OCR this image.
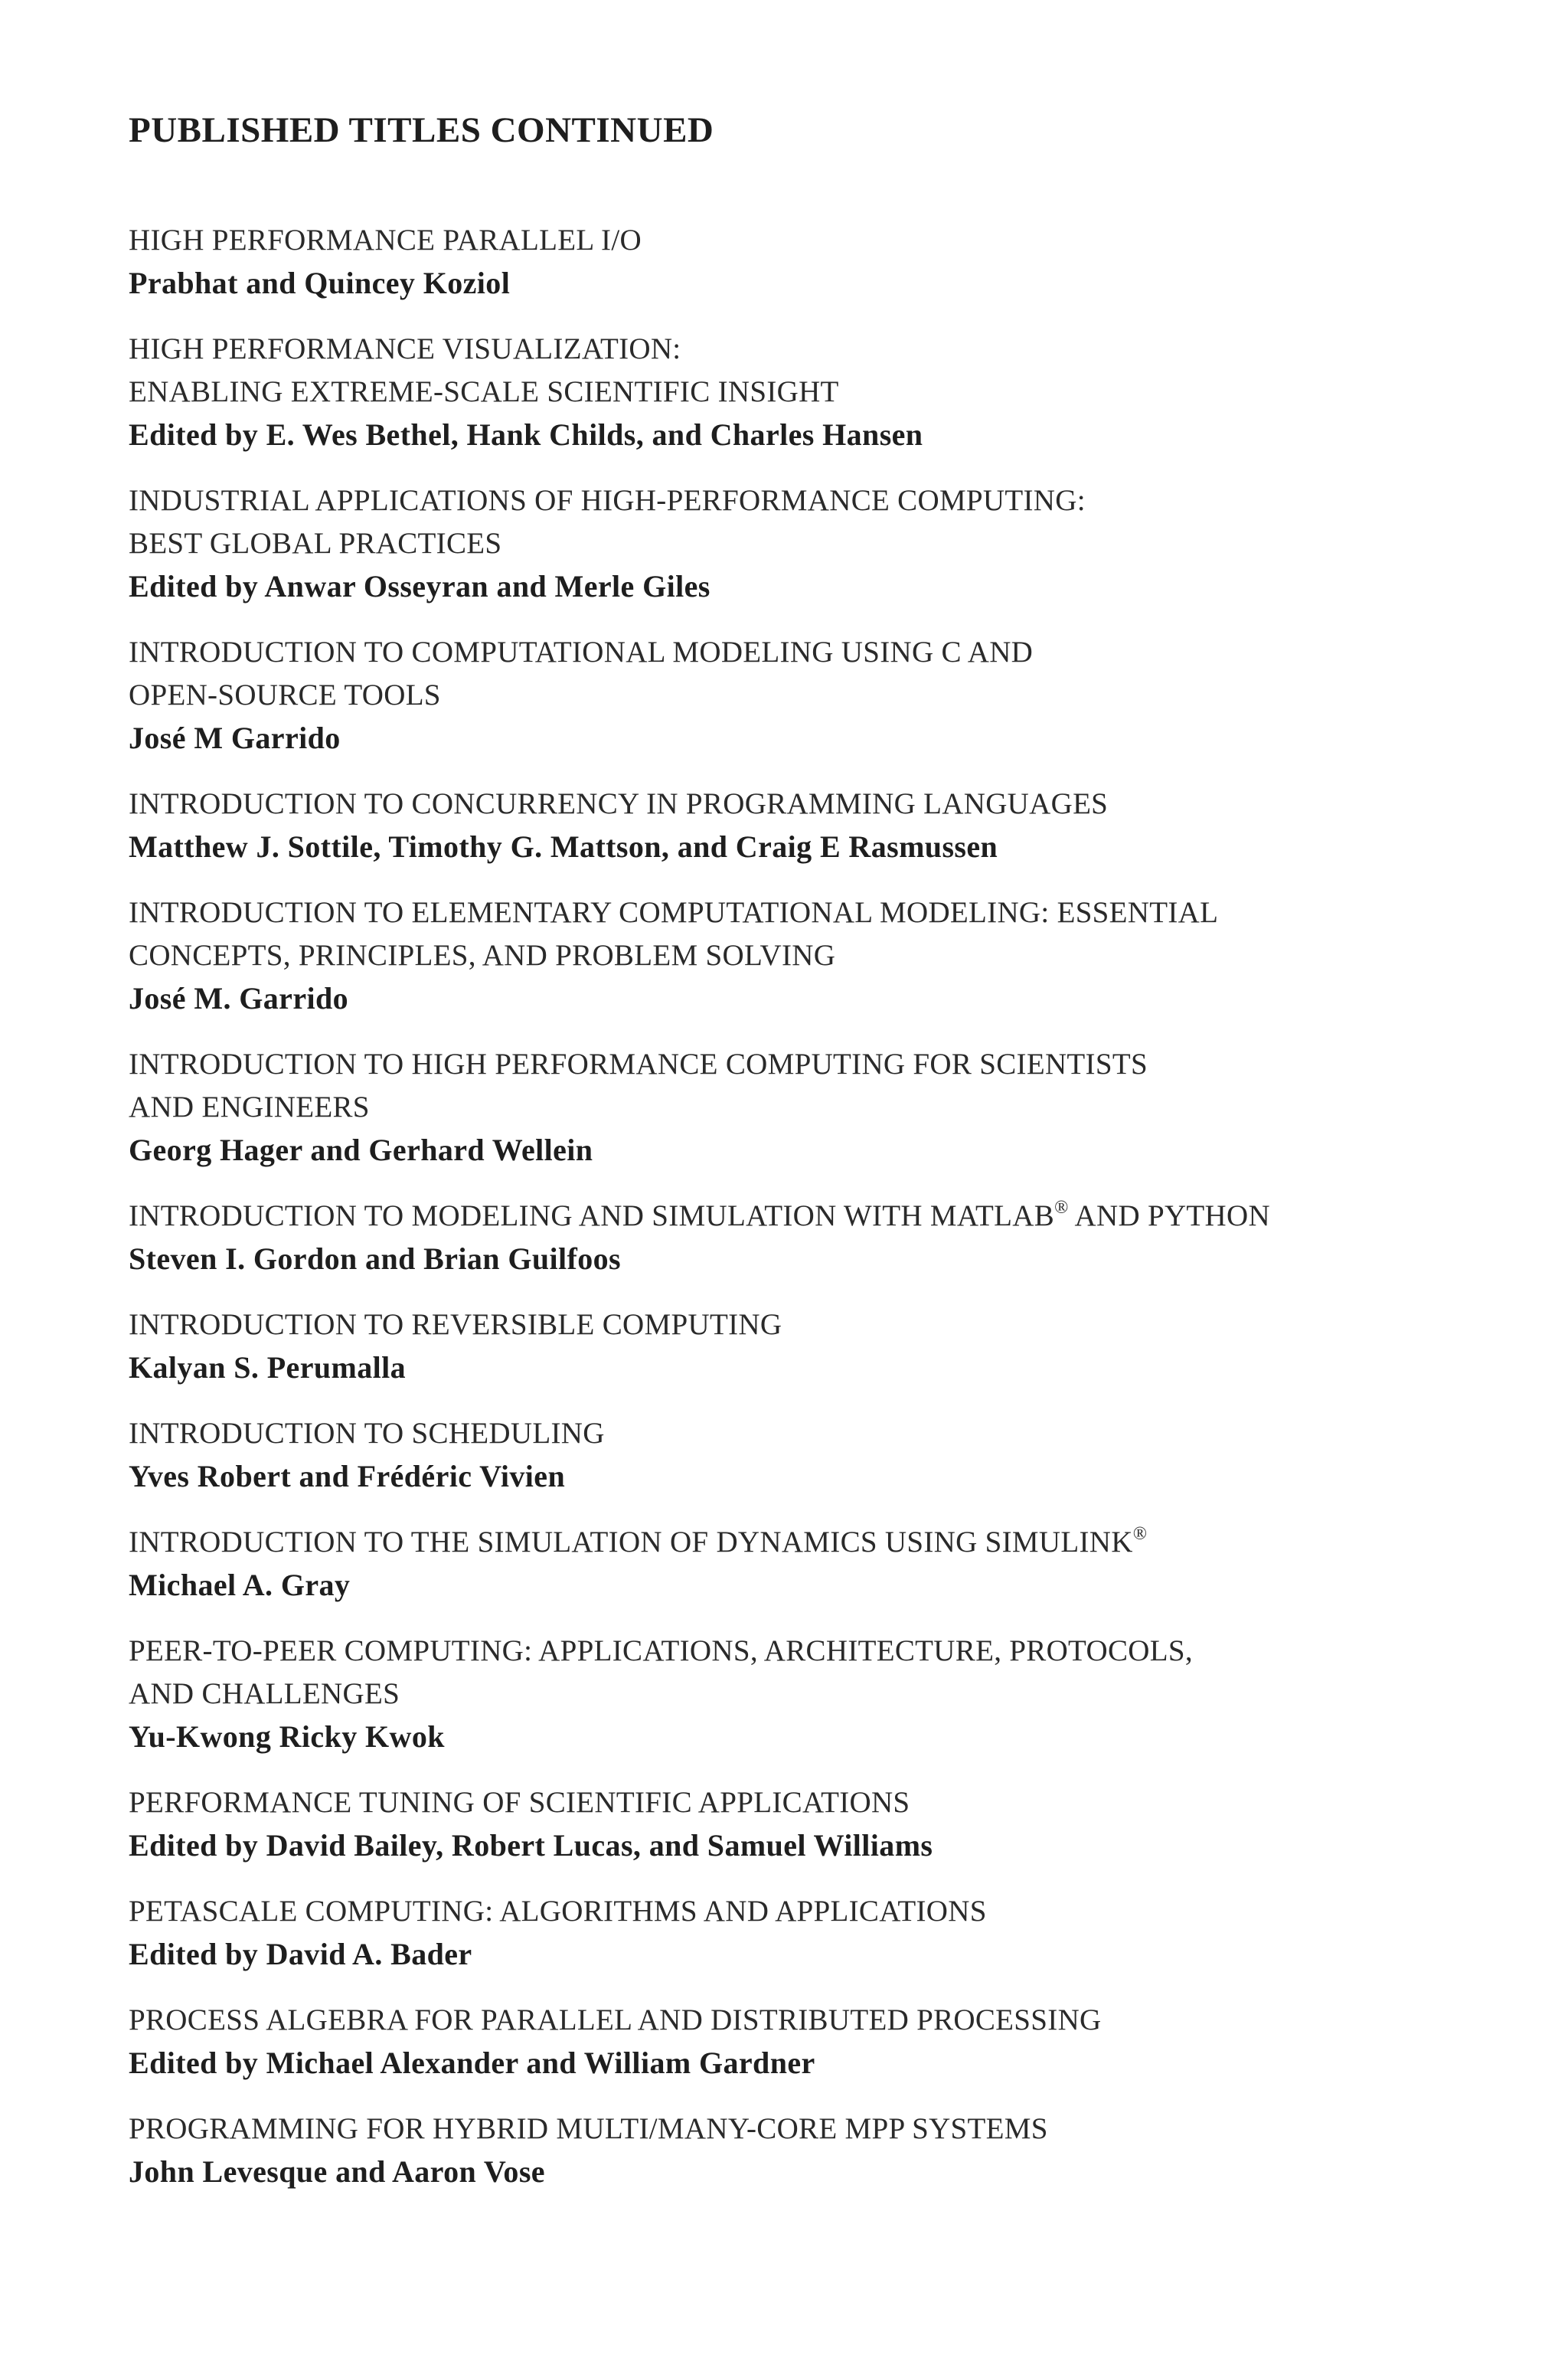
PUBLISHED TITLES CONTINUED
HIGH PERFORMANCE PARALLEL I/O
Prabhat and Quincey Koziol
HIGH PERFORMANCE VISUALIZATION:
ENABLING EXTREME-SCALE SCIENTIFIC INSIGHT
Edited by E. Wes Bethel, Hank Childs, and Charles Hansen
INDUSTRIAL APPLICATIONS OF HIGH-PERFORMANCE COMPUTING:
BEST GLOBAL PRACTICES
Edited by Anwar Osseyran and Merle Giles
INTRODUCTION TO COMPUTATIONAL MODELING USING C AND
OPEN-SOURCE TOOLS
José M Garrido
INTRODUCTION TO CONCURRENCY IN PROGRAMMING LANGUAGES
Matthew J. Sottile, Timothy G. Mattson, and Craig E Rasmussen
INTRODUCTION TO ELEMENTARY COMPUTATIONAL MODELING: ESSENTIAL
CONCEPTS, PRINCIPLES, AND PROBLEM SOLVING
José M. Garrido
INTRODUCTION TO HIGH PERFORMANCE COMPUTING FOR SCIENTISTS
AND ENGINEERS
Georg Hager and Gerhard Wellein
INTRODUCTION TO MODELING AND SIMULATION WITH MATLAB® AND PYTHON
Steven I. Gordon and Brian Guilfoos
INTRODUCTION TO REVERSIBLE COMPUTING
Kalyan S. Perumalla
INTRODUCTION TO SCHEDULING
Yves Robert and Frédéric Vivien
INTRODUCTION TO THE SIMULATION OF DYNAMICS USING SIMULINK®
Michael A. Gray
PEER-TO-PEER COMPUTING: APPLICATIONS, ARCHITECTURE, PROTOCOLS,
AND CHALLENGES
Yu-Kwong Ricky Kwok
PERFORMANCE TUNING OF SCIENTIFIC APPLICATIONS
Edited by David Bailey, Robert Lucas, and Samuel Williams
PETASCALE COMPUTING: ALGORITHMS AND APPLICATIONS
Edited by David A. Bader
PROCESS ALGEBRA FOR PARALLEL AND DISTRIBUTED PROCESSING
Edited by Michael Alexander and William Gardner
PROGRAMMING FOR HYBRID MULTI/MANY-CORE MPP SYSTEMS
John Levesque and Aaron Vose
